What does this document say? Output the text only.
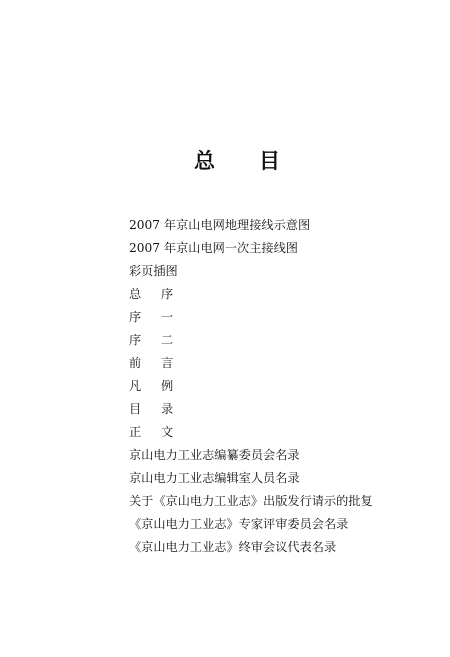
总 目
2007 年京山电网地理接线示意图
2007 年京山电网一次主接线图
彩页插图
总 序
序 一
序 二
前 言
凡 例
目 录
正 文
京山电力工业志编纂委员会名录
京山电力工业志编辑室人员名录
关于《京山电力工业志》出版发行请示的批复
《京山电力工业志》专家评审委员会名录
《京山电力工业志》终审会议代表名录
